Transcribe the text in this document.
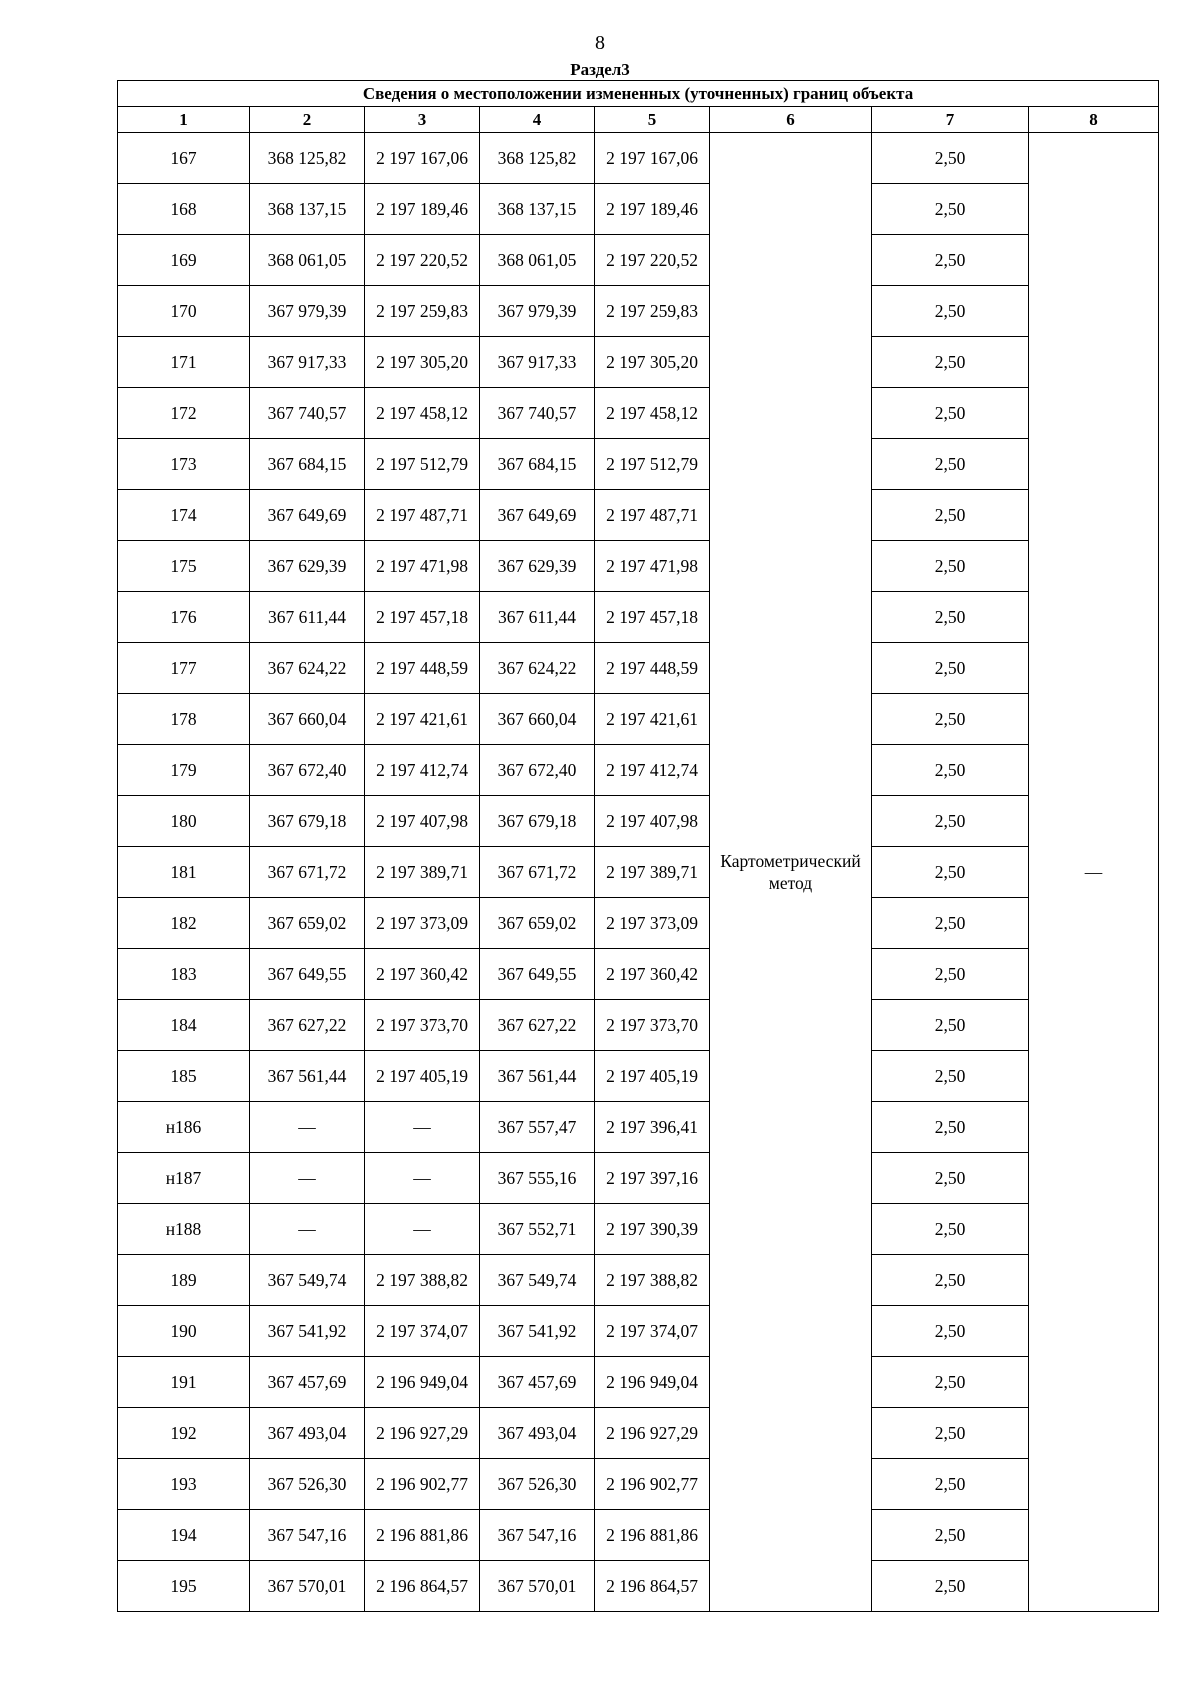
8
Раздел3
Сведения о местоположении измененных (уточненных) границ объекта							
1	2	3	4	5	6	7	8
167	368 125,82	2 197 167,06	368 125,82	2 197 167,06	Картометрический метод	2,50	—
168	368 137,15	2 197 189,46	368 137,15	2 197 189,46		2,50	
169	368 061,05	2 197 220,52	368 061,05	2 197 220,52		2,50	
170	367 979,39	2 197 259,83	367 979,39	2 197 259,83		2,50	
171	367 917,33	2 197 305,20	367 917,33	2 197 305,20		2,50	
172	367 740,57	2 197 458,12	367 740,57	2 197 458,12		2,50	
173	367 684,15	2 197 512,79	367 684,15	2 197 512,79		2,50	
174	367 649,69	2 197 487,71	367 649,69	2 197 487,71		2,50	
175	367 629,39	2 197 471,98	367 629,39	2 197 471,98		2,50	
176	367 611,44	2 197 457,18	367 611,44	2 197 457,18		2,50	
177	367 624,22	2 197 448,59	367 624,22	2 197 448,59		2,50	
178	367 660,04	2 197 421,61	367 660,04	2 197 421,61		2,50	
179	367 672,40	2 197 412,74	367 672,40	2 197 412,74		2,50	
180	367 679,18	2 197 407,98	367 679,18	2 197 407,98		2,50	
181	367 671,72	2 197 389,71	367 671,72	2 197 389,71		2,50	
182	367 659,02	2 197 373,09	367 659,02	2 197 373,09		2,50	
183	367 649,55	2 197 360,42	367 649,55	2 197 360,42		2,50	
184	367 627,22	2 197 373,70	367 627,22	2 197 373,70		2,50	
185	367 561,44	2 197 405,19	367 561,44	2 197 405,19		2,50	
н186	—	—	367 557,47	2 197 396,41		2,50	
н187	—	—	367 555,16	2 197 397,16		2,50	
н188	—	—	367 552,71	2 197 390,39		2,50	
189	367 549,74	2 197 388,82	367 549,74	2 197 388,82		2,50	
190	367 541,92	2 197 374,07	367 541,92	2 197 374,07		2,50	
191	367 457,69	2 196 949,04	367 457,69	2 196 949,04		2,50	
192	367 493,04	2 196 927,29	367 493,04	2 196 927,29		2,50	
193	367 526,30	2 196 902,77	367 526,30	2 196 902,77		2,50	
194	367 547,16	2 196 881,86	367 547,16	2 196 881,86		2,50	
195	367 570,01	2 196 864,57	367 570,01	2 196 864,57		2,50	
